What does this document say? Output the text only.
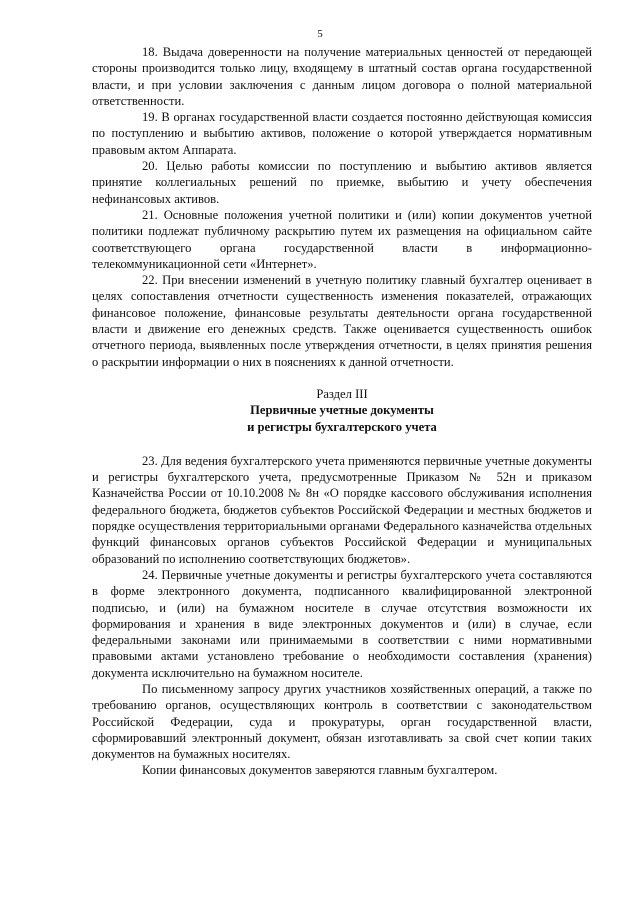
5

18. Выдача доверенности на получение материальных ценностей от передающей стороны производится только лицу, входящему в штатный состав органа государственной власти, и при условии заключения с данным лицом договора о полной материальной ответственности.

19. В органах государственной власти создается постоянно действующая комиссия по поступлению и выбытию активов, положение о которой утверждается нормативным правовым актом Аппарата.

20. Целью работы комиссии по поступлению и выбытию активов является принятие коллегиальных решений по приемке, выбытию и учету обеспечения нефинансовых активов.

21. Основные положения учетной политики и (или) копии документов учетной политики подлежат публичному раскрытию путем их размещения на официальном сайте соответствующего органа государственной власти в информационно-телекоммуникационной сети «Интернет».

22. При внесении изменений в учетную политику главный бухгалтер оценивает в целях сопоставления отчетности существенность изменения показателей, отражающих финансовое положение, финансовые результаты деятельности органа государственной власти и движение его денежных средств. Также оценивается существенность ошибок отчетного периода, выявленных после утверждения отчетности, в целях принятия решения о раскрытии информации о них в пояснениях к данной отчетности.

Раздел III
Первичные учетные документы
и регистры бухгалтерского учета

23. Для ведения бухгалтерского учета применяются первичные учетные документы и регистры бухгалтерского учета, предусмотренные Приказом № 52н и приказом Казначейства России от 10.10.2008 № 8н «О порядке кассового обслуживания исполнения федерального бюджета, бюджетов субъектов Российской Федерации и местных бюджетов и порядке осуществления территориальными органами Федерального казначейства отдельных функций финансовых органов субъектов Российской Федерации и муниципальных образований по исполнению соответствующих бюджетов».

24. Первичные учетные документы и регистры бухгалтерского учета составляются в форме электронного документа, подписанного квалифицированной электронной подписью, и (или) на бумажном носителе в случае отсутствия возможности их формирования и хранения в виде электронных документов и (или) в случае, если федеральными законами или принимаемыми в соответствии с ними нормативными правовыми актами установлено требование о необходимости составления (хранения) документа исключительно на бумажном носителе.

По письменному запросу других участников хозяйственных операций, а также по требованию органов, осуществляющих контроль в соответствии с законодательством Российской Федерации, суда и прокуратуры, орган государственной власти, сформировавший электронный документ, обязан изготавливать за свой счет копии таких документов на бумажных носителях.

Копии финансовых документов заверяются главным бухгалтером.
